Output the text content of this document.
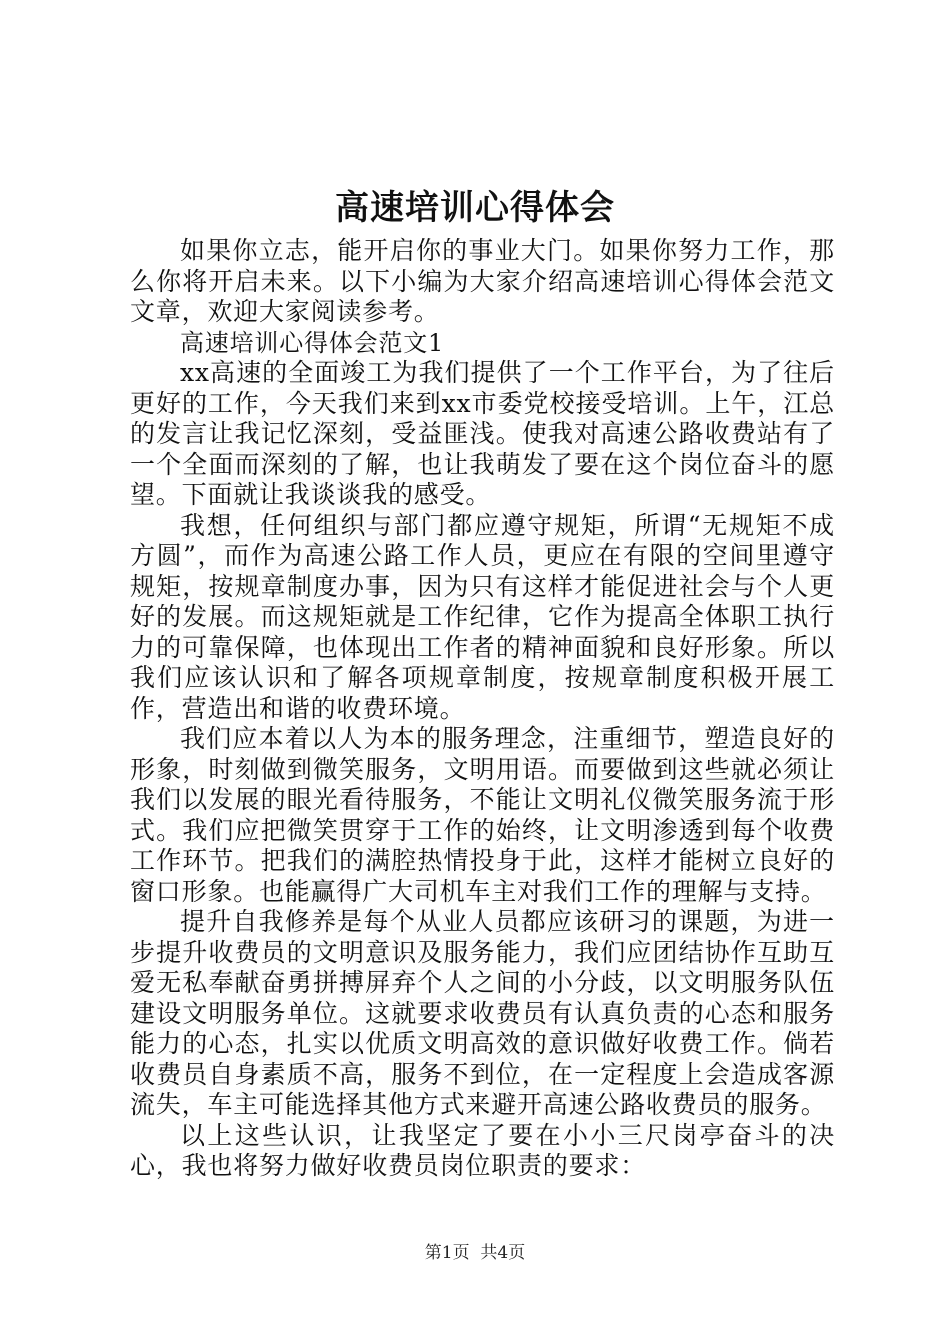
高速培训心得体会

如果你立志，能开启你的事业大门。如果你努力工作，那么你将开启未来。以下小编为大家介绍高速培训心得体会范文文章，欢迎大家阅读参考。

高速培训心得体会范文1

xx高速的全面竣工为我们提供了一个工作平台，为了往后更好的工作，今天我们来到xx市委党校接受培训。上午，江总的发言让我记忆深刻，受益匪浅。使我对高速公路收费站有了一个全面而深刻的了解，也让我萌发了要在这个岗位奋斗的愿望。下面就让我谈谈我的感受。

我想，任何组织与部门都应遵守规矩，所谓“无规矩不成方圆”，而作为高速公路工作人员，更应在有限的空间里遵守规矩，按规章制度办事，因为只有这样才能促进社会与个人更好的发展。而这规矩就是工作纪律，它作为提高全体职工执行力的可靠保障，也体现出工作者的精神面貌和良好形象。所以我们应该认识和了解各项规章制度，按规章制度积极开展工作，营造出和谐的收费环境。

我们应本着以人为本的服务理念，注重细节，塑造良好的形象，时刻做到微笑服务，文明用语。而要做到这些就必须让我们以发展的眼光看待服务，不能让文明礼仪微笑服务流于形式。我们应把微笑贯穿于工作的始终，让文明渗透到每个收费工作环节。把我们的满腔热情投身于此，这样才能树立良好的窗口形象。也能赢得广大司机车主对我们工作的理解与支持。

提升自我修养是每个从业人员都应该研习的课题，为进一步提升收费员的文明意识及服务能力，我们应团结协作互助互爱无私奉献奋勇拼搏屏弃个人之间的小分歧，以文明服务队伍建设文明服务单位。这就要求收费员有认真负责的心态和服务能力的心态，扎实以优质文明高效的意识做好收费工作。倘若收费员自身素质不高，服务不到位，在一定程度上会造成客源流失，车主可能选择其他方式来避开高速公路收费员的服务。

以上这些认识，让我坚定了要在小小三尺岗亭奋斗的决心，我也将努力做好收费员岗位职责的要求：

第1页 共4页
